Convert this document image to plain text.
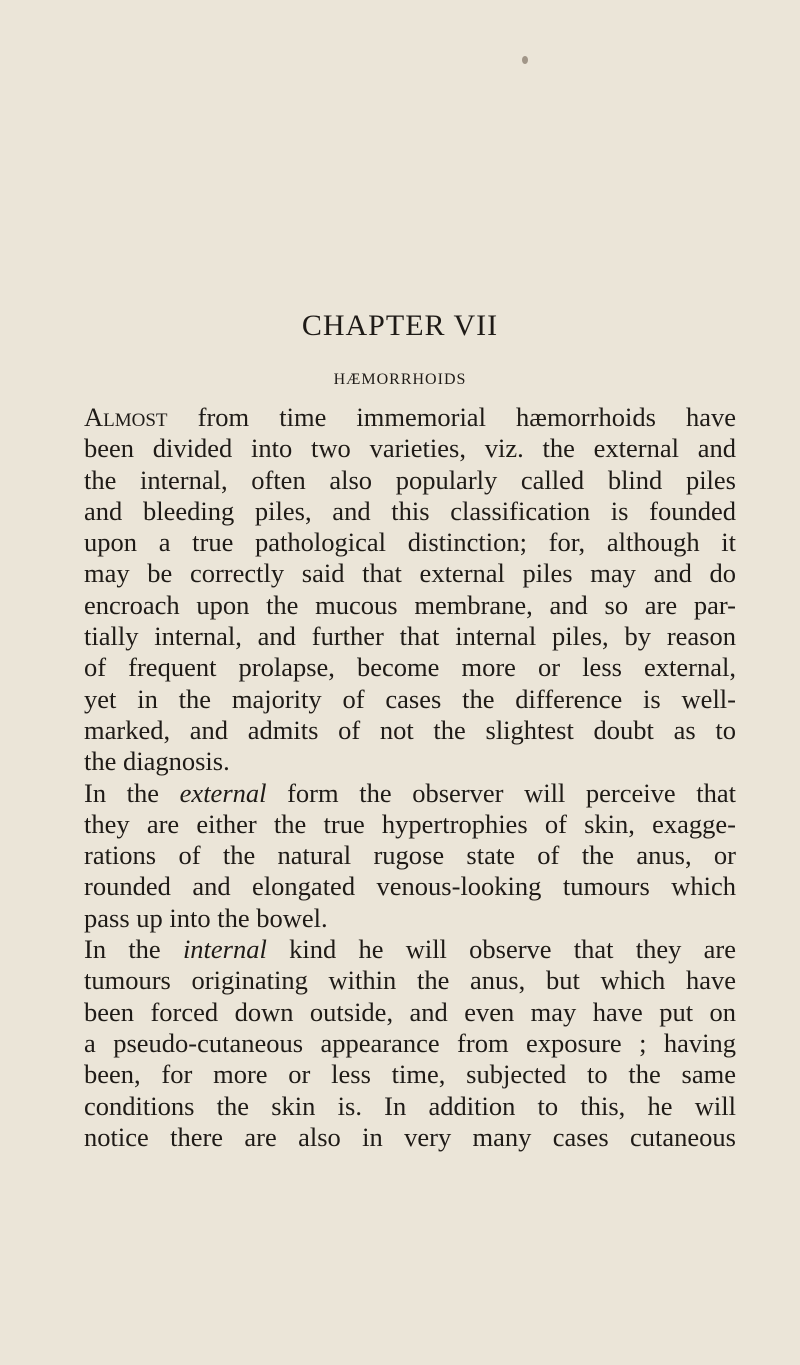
CHAPTER VII
HÆMORRHOIDS
Almost from time immemorial hæmorrhoids have
been divided into two varieties, viz. the external and
the internal, often also popularly called blind piles
and bleeding piles, and this classification is founded
upon a true pathological distinction; for, although it
may be correctly said that external piles may and do
encroach upon the mucous membrane, and so are par-
tially internal, and further that internal piles, by reason
of frequent prolapse, become more or less external,
yet in the majority of cases the difference is well-
marked, and admits of not the slightest doubt as to
the diagnosis.
In the external form the observer will perceive that
they are either the true hypertrophies of skin, exagge-
rations of the natural rugose state of the anus, or
rounded and elongated venous-looking tumours which
pass up into the bowel.
In the internal kind he will observe that they are
tumours originating within the anus, but which have
been forced down outside, and even may have put on
a pseudo-cutaneous appearance from exposure ; having
been, for more or less time, subjected to the same
conditions the skin is. In addition to this, he will
notice there are also in very many cases cutaneous
